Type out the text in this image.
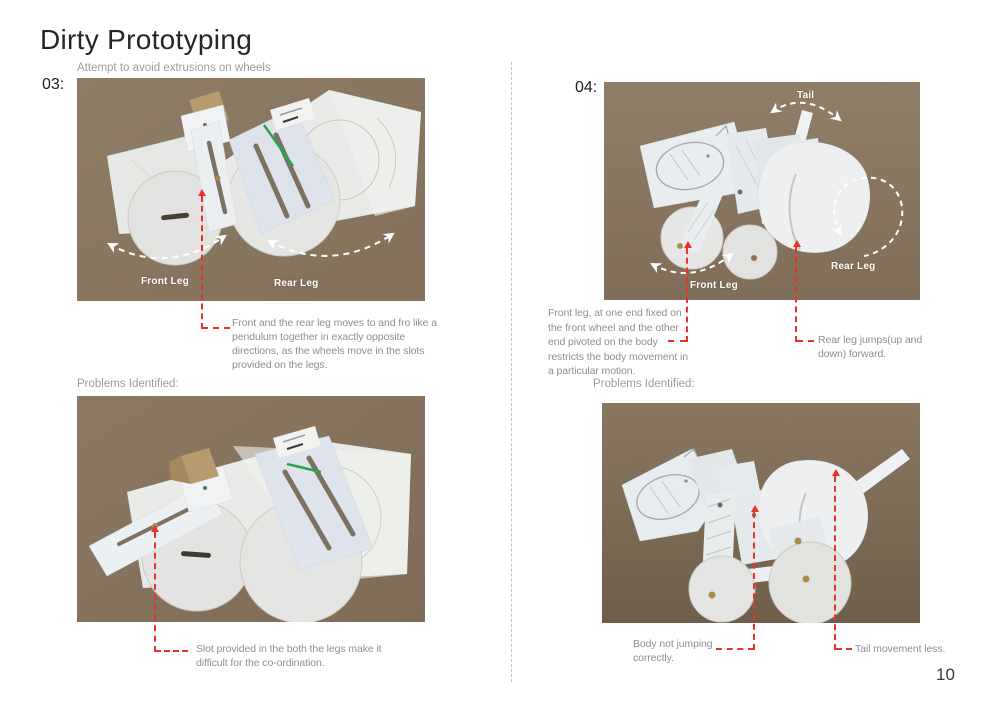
Dirty Prototyping
Attempt to avoid extrusions on wheels
03:	04:
Front Leg	Rear Leg
Tail
Front Leg
Rear Leg
Front and the rear leg moves to and fro like a pendulum together in exactly opposite directions, as the wheels move in the slots provided on the legs.
Problems Identified:
Slot provided in the both the legs make it difficult for the co-ordination.
Front leg, at one end fixed on the front wheel and the other end pivoted on the body restricts the body movement in a particular motion.
Rear leg jumps(up and down) forward.
Problems Identified:
Body not jumping correctly.
Tail movement less.
10
